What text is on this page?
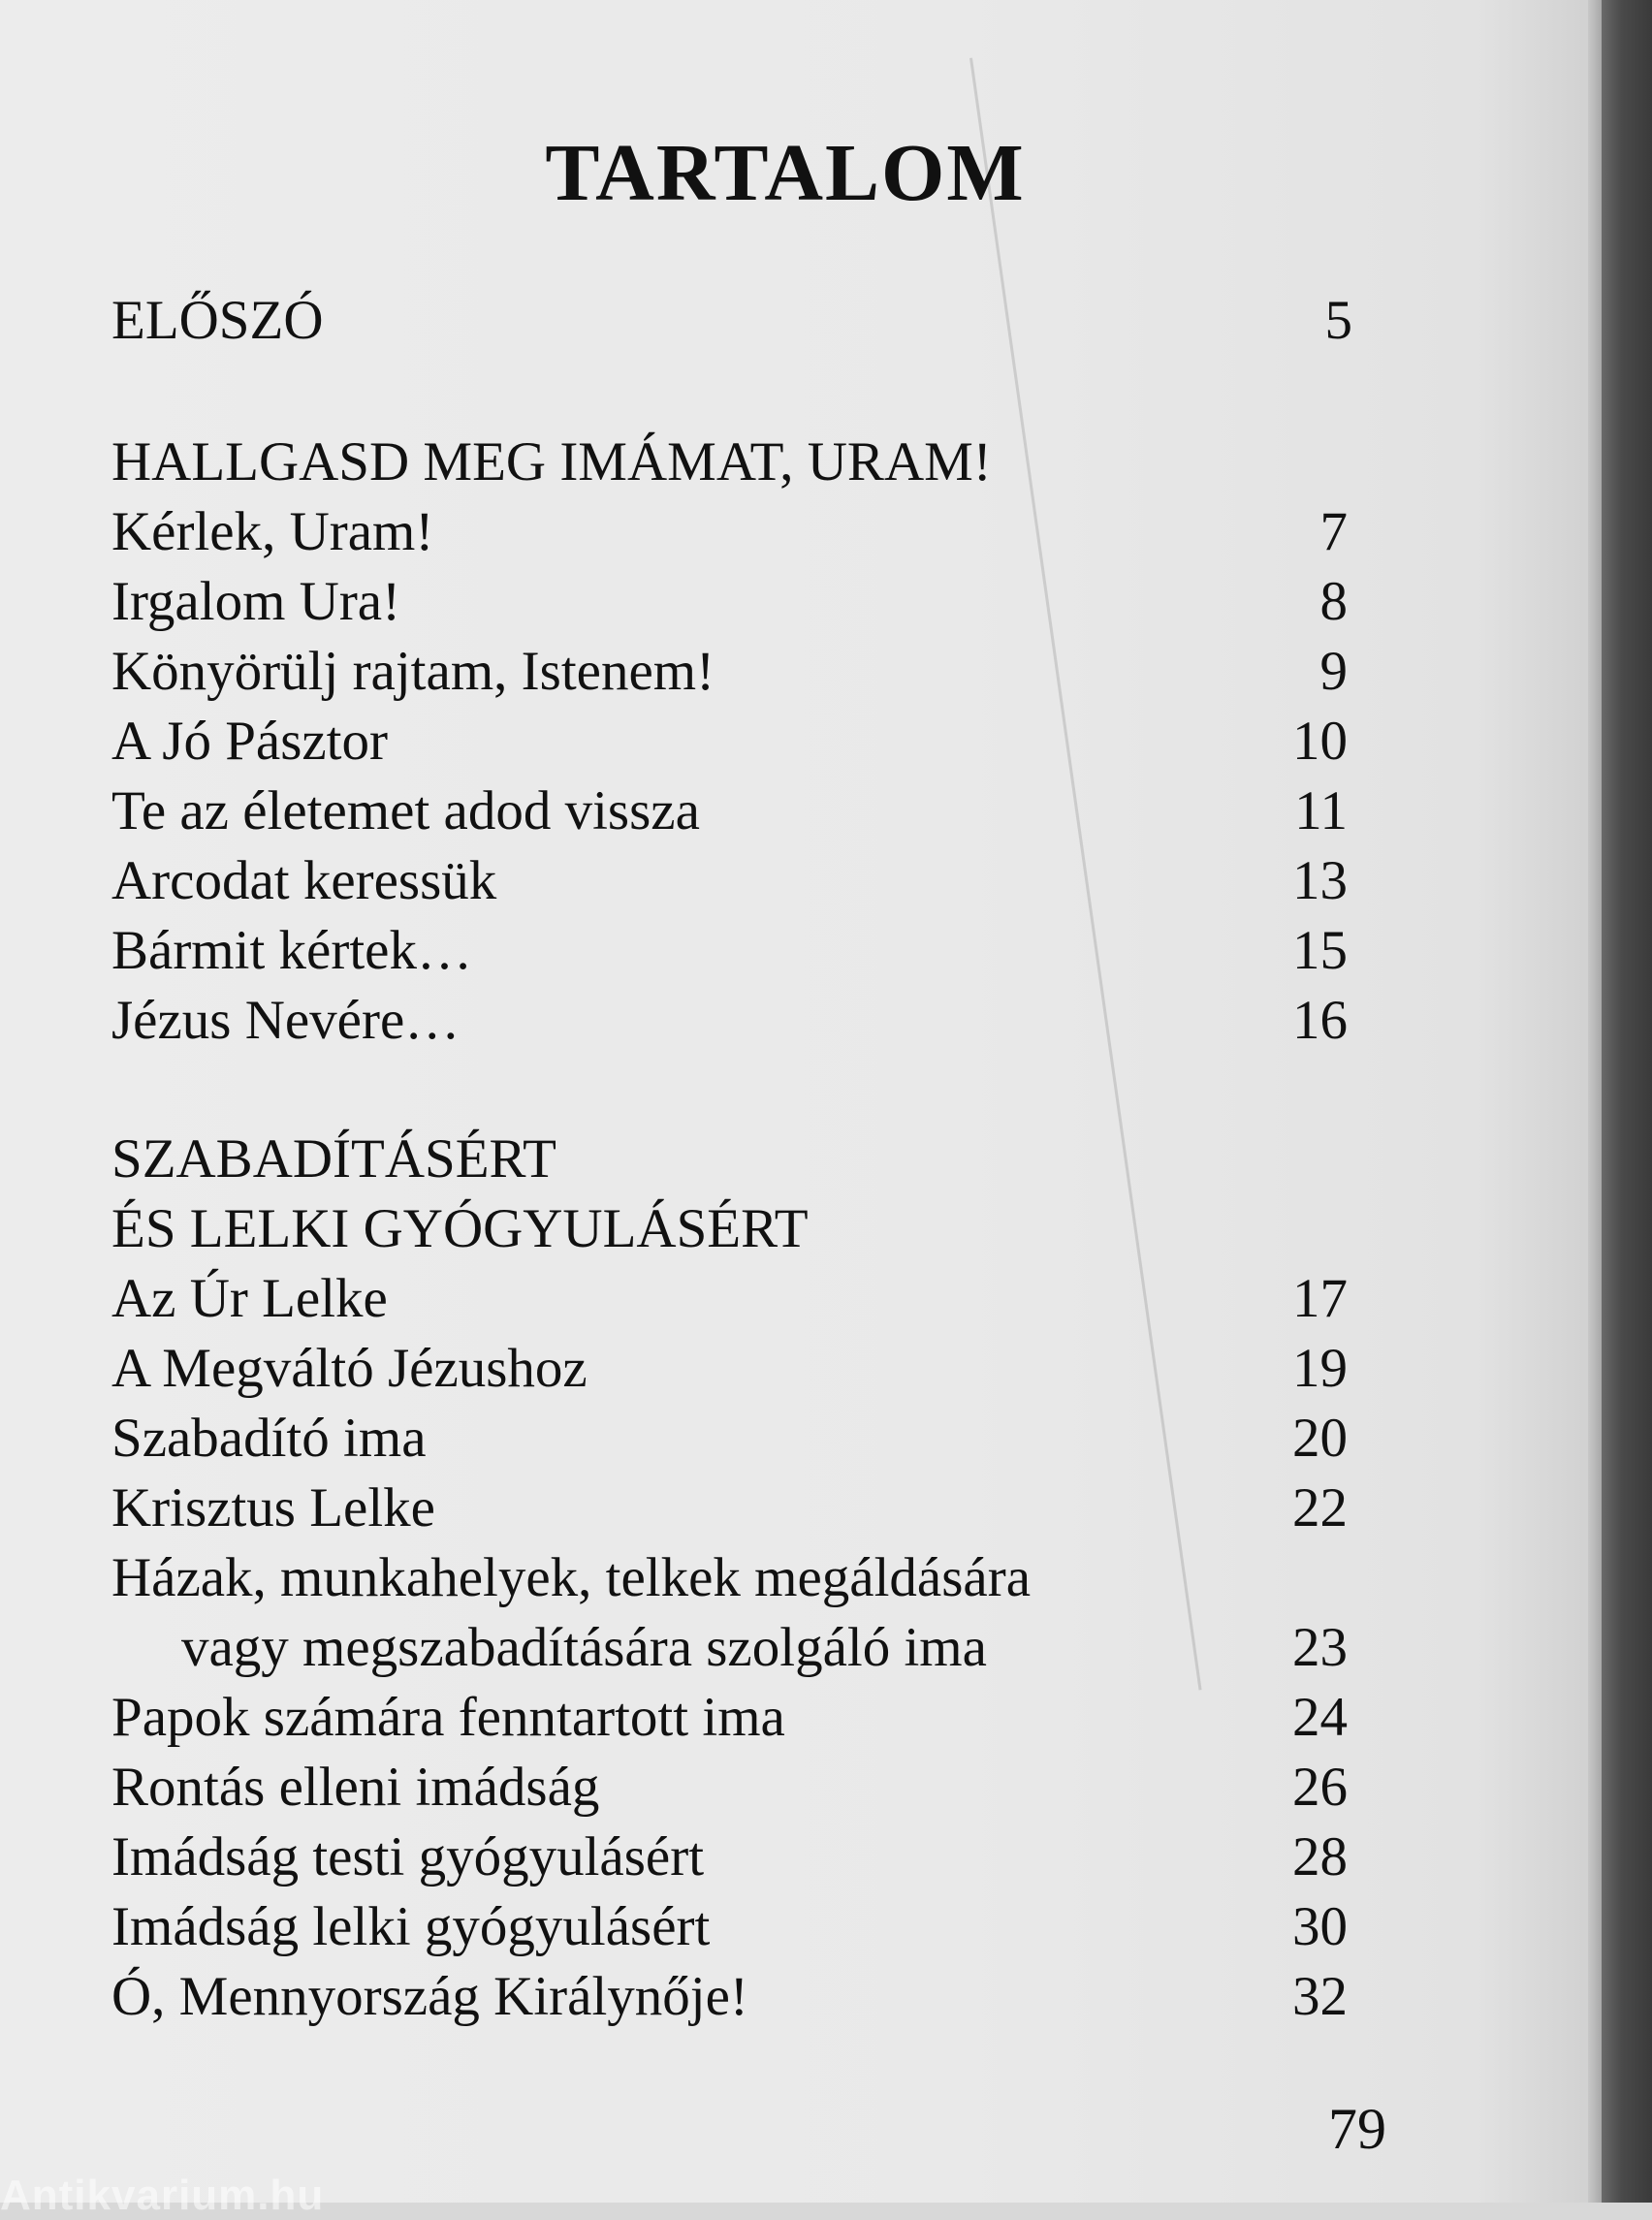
TARTALOM
ELŐSZÓ	5
HALLGASD MEG IMÁMAT, URAM!
Kérlek, Uram!	7
Irgalom Ura!	8
Könyörülj rajtam, Istenem!	9
A Jó Pásztor	10
Te az életemet adod vissza	11
Arcodat keressük	13
Bármit kértek…	15
Jézus Nevére…	16
SZABADÍTÁSÉRT
ÉS LELKI GYÓGYULÁSÉRT
Az Úr Lelke	17
A Megváltó Jézushoz	19
Szabadító ima	20
Krisztus Lelke	22
Házak, munkahelyek, telkek megáldására
vagy megszabadítására szolgáló ima	23
Papok számára fenntartott ima	24
Rontás elleni imádság	26
Imádság testi gyógyulásért	28
Imádság lelki gyógyulásért	30
Ó, Mennyország Királynője!	32
79
Antikvarium.hu
